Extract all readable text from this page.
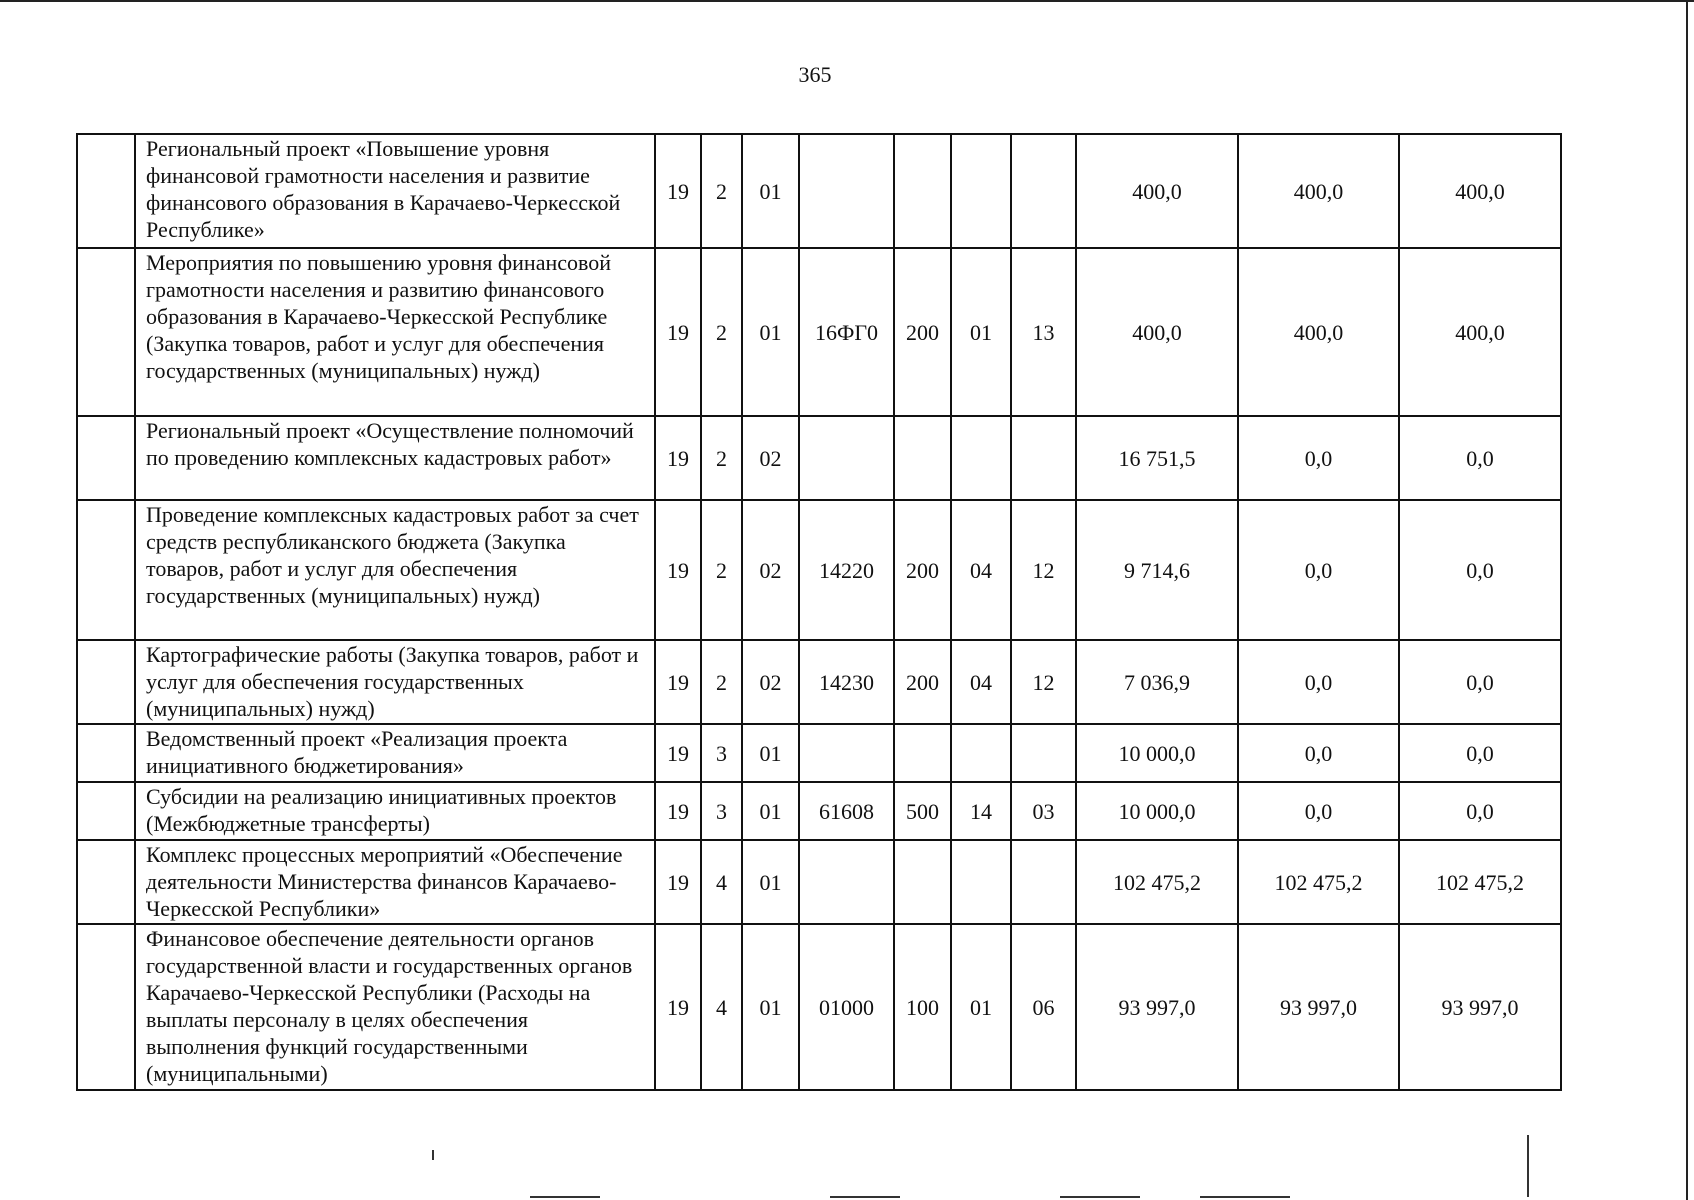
365
	Региональный проект «Повышение уровня финансовой грамотности населения и развитие финансового образования в Карачаево-Черкесской Республике»	19	2	01					400,0	400,0	400,0
	Мероприятия по повышению уровня финансовой грамотности населения и развитию финансового образования в Карачаево-Черкесской Республике (Закупка товаров, работ и услуг для обеспечения государственных (муниципальных) нужд)	19	2	01	16ФГ0	200	01	13	400,0	400,0	400,0
	Региональный проект «Осуществление полномочий по проведению комплексных кадастровых работ»	19	2	02					16 751,5	0,0	0,0
	Проведение комплексных кадастровых работ за счет средств республиканского бюджета (Закупка товаров, работ и услуг для обеспечения государственных (муниципальных) нужд)	19	2	02	14220	200	04	12	9 714,6	0,0	0,0
	Картографические работы (Закупка товаров, работ и услуг для обеспечения государственных (муниципальных) нужд)	19	2	02	14230	200	04	12	7 036,9	0,0	0,0
	Ведомственный проект «Реализация проекта инициативного бюджетирования»	19	3	01					10 000,0	0,0	0,0
	Субсидии на реализацию инициативных проектов (Межбюджетные трансферты)	19	3	01	61608	500	14	03	10 000,0	0,0	0,0
	Комплекс процессных мероприятий «Обеспечение деятельности Министерства финансов Карачаево-Черкесской Республики»	19	4	01					102 475,2	102 475,2	102 475,2
	Финансовое обеспечение деятельности органов государственной власти и государственных органов Карачаево-Черкесской Республики (Расходы на выплаты персоналу в целях обеспечения выполнения функций государственными (муниципальными)	19	4	01	01000	100	01	06	93 997,0	93 997,0	93 997,0
